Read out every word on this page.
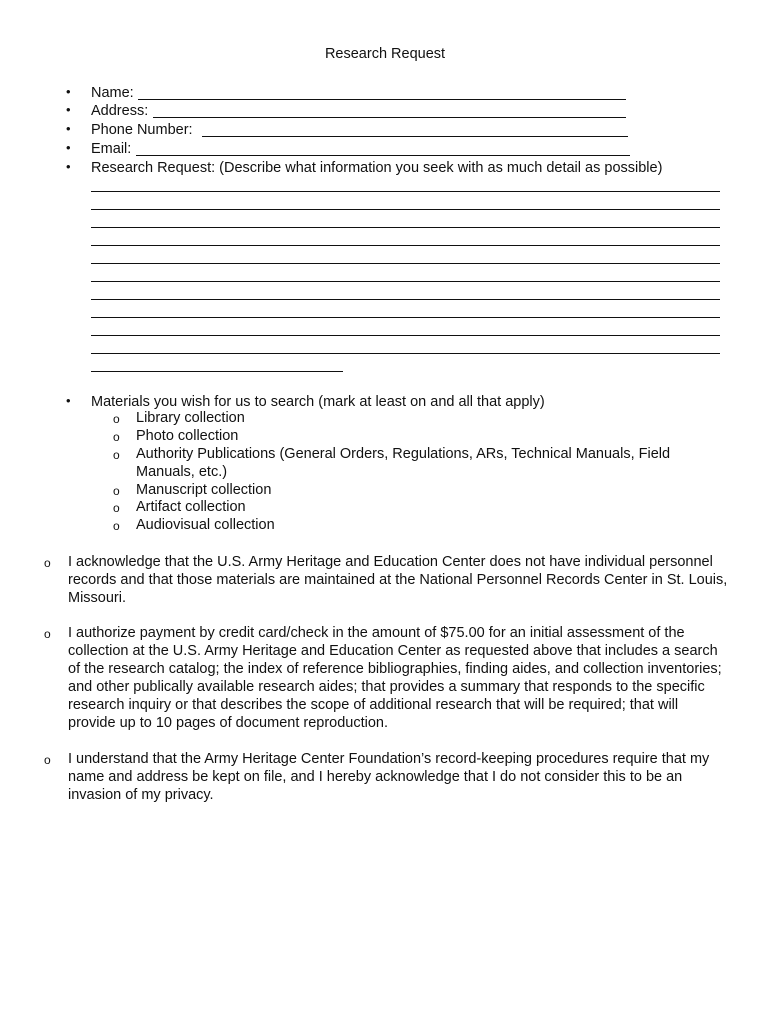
Research Request
• Name:
• Address:
• Phone Number:
• Email:
• Research Request: (Describe what information you seek with as much detail as possible)
• Materials you wish for us to search (mark at least on and all that apply)
o Library collection
o Photo collection
o Authority Publications (General Orders, Regulations, ARs, Technical Manuals, Field Manuals, etc.)
o Manuscript collection
o Artifact collection
o Audiovisual collection
o I acknowledge that the U.S. Army Heritage and Education Center does not have individual personnel records and that those materials are maintained at the National Personnel Records Center in St. Louis, Missouri.
o I authorize payment by credit card/check in the amount of $75.00 for an initial assessment of the collection at the U.S. Army Heritage and Education Center as requested above that includes a search of the research catalog; the index of reference bibliographies, finding aides, and collection inventories; and other publically available research aides; that provides a summary that responds to the specific research inquiry or that describes the scope of additional research that will be required; that will provide up to 10 pages of document reproduction.
o I understand that the Army Heritage Center Foundation’s record-keeping procedures require that my name and address be kept on file, and I hereby acknowledge that I do not consider this to be an invasion of my privacy.
